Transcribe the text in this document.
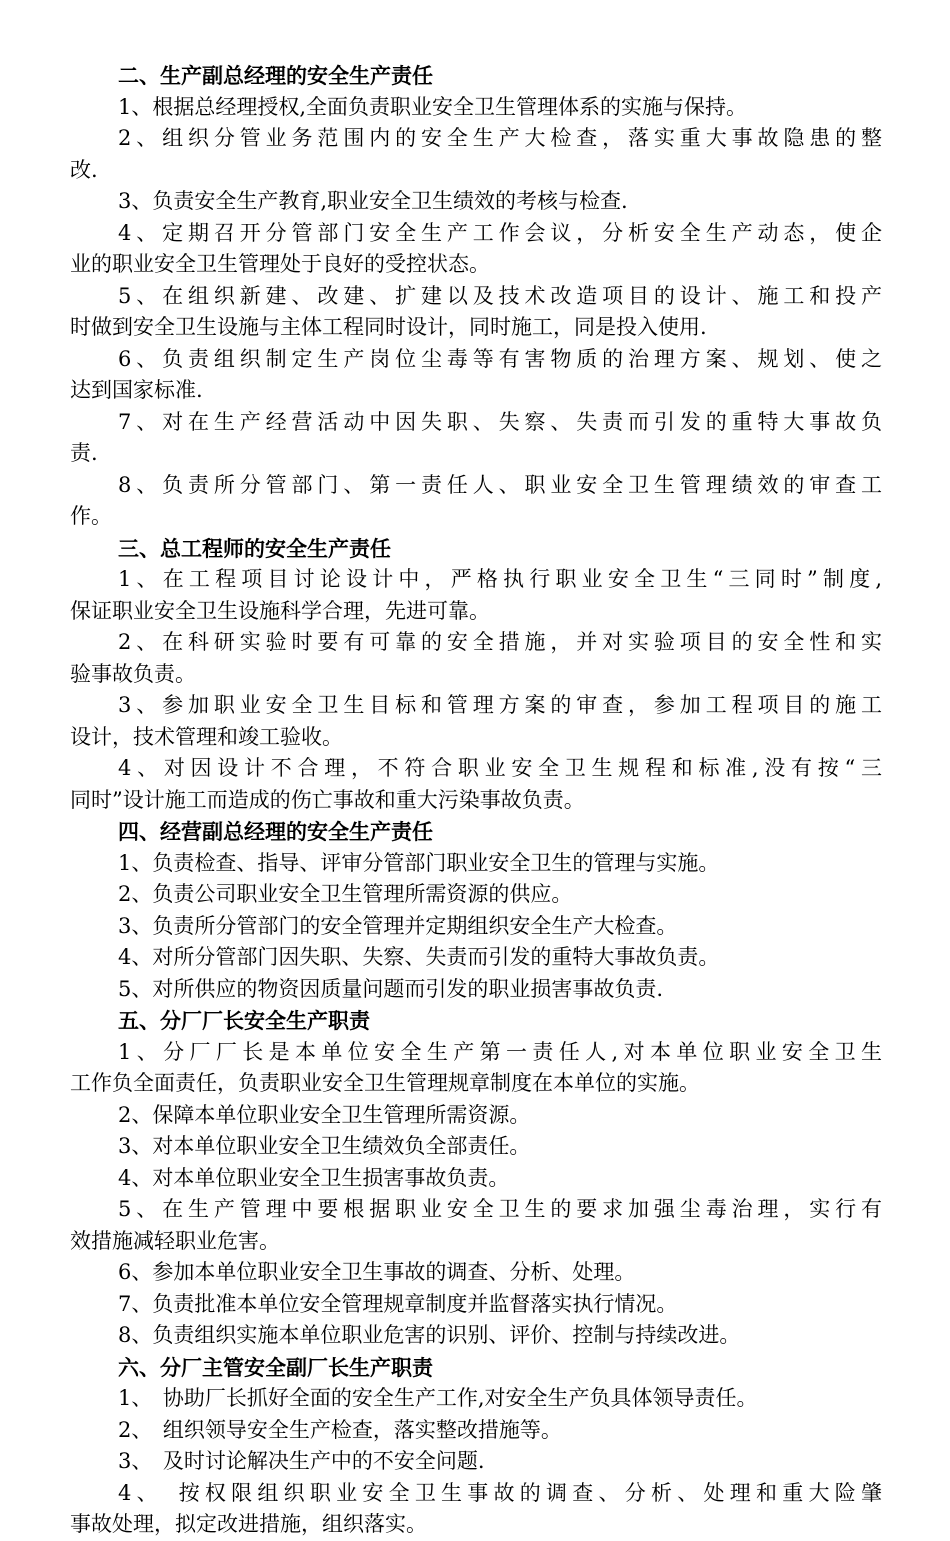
二、生产副总经理的安全生产责任
1、根据总经理授权,全面负责职业安全卫生管理体系的实施与保持。
2、组织分管业务范围内的安全生产大检查，落实重大事故隐患的整
改.
3、负责安全生产教育,职业安全卫生绩效的考核与检查.
4、定期召开分管部门安全生产工作会议，分析安全生产动态，使企
业的职业安全卫生管理处于良好的受控状态。
5、在组织新建、改建、扩建以及技术改造项目的设计、施工和投产
时做到安全卫生设施与主体工程同时设计，同时施工，同是投入使用.
6、负责组织制定生产岗位尘毒等有害物质的治理方案、规划、使之
达到国家标准.
7、对在生产经营活动中因失职、失察、失责而引发的重特大事故负
责.
8、负责所分管部门、第一责任人、职业安全卫生管理绩效的审查工
作。
三、总工程师的安全生产责任
1、在工程项目讨论设计中，严格执行职业安全卫生“三同时”制度,
保证职业安全卫生设施科学合理，先进可靠。
2、在科研实验时要有可靠的安全措施，并对实验项目的安全性和实
验事故负责。
3、参加职业安全卫生目标和管理方案的审查，参加工程项目的施工
设计，技术管理和竣工验收。
4、对因设计不合理，不符合职业安全卫生规程和标准,没有按“三
同时”设计施工而造成的伤亡事故和重大污染事故负责。
四、经营副总经理的安全生产责任
1、负责检查、指导、评审分管部门职业安全卫生的管理与实施。
2、负责公司职业安全卫生管理所需资源的供应。
3、负责所分管部门的安全管理并定期组织安全生产大检查。
4、对所分管部门因失职、失察、失责而引发的重特大事故负责。
5、对所供应的物资因质量问题而引发的职业损害事故负责.
五、分厂厂长安全生产职责
1、分厂厂长是本单位安全生产第一责任人,对本单位职业安全卫生
工作负全面责任，负责职业安全卫生管理规章制度在本单位的实施。
2、保障本单位职业安全卫生管理所需资源。
3、对本单位职业安全卫生绩效负全部责任。
4、对本单位职业安全卫生损害事故负责。
5、在生产管理中要根据职业安全卫生的要求加强尘毒治理，实行有
效措施减轻职业危害。
6、参加本单位职业安全卫生事故的调查、分析、处理。
7、负责批准本单位安全管理规章制度并监督落实执行情况。
8、负责组织实施本单位职业危害的识别、评价、控制与持续改进。
六、分厂主管安全副厂长生产职责
1、　协助厂长抓好全面的安全生产工作,对安全生产负具体领导责任。
2、　组织领导安全生产检查，落实整改措施等。
3、　及时讨论解决生产中的不安全问题.
4、　按权限组织职业安全卫生事故的调查、分析、处理和重大险肇
事故处理，拟定改进措施，组织落实。
